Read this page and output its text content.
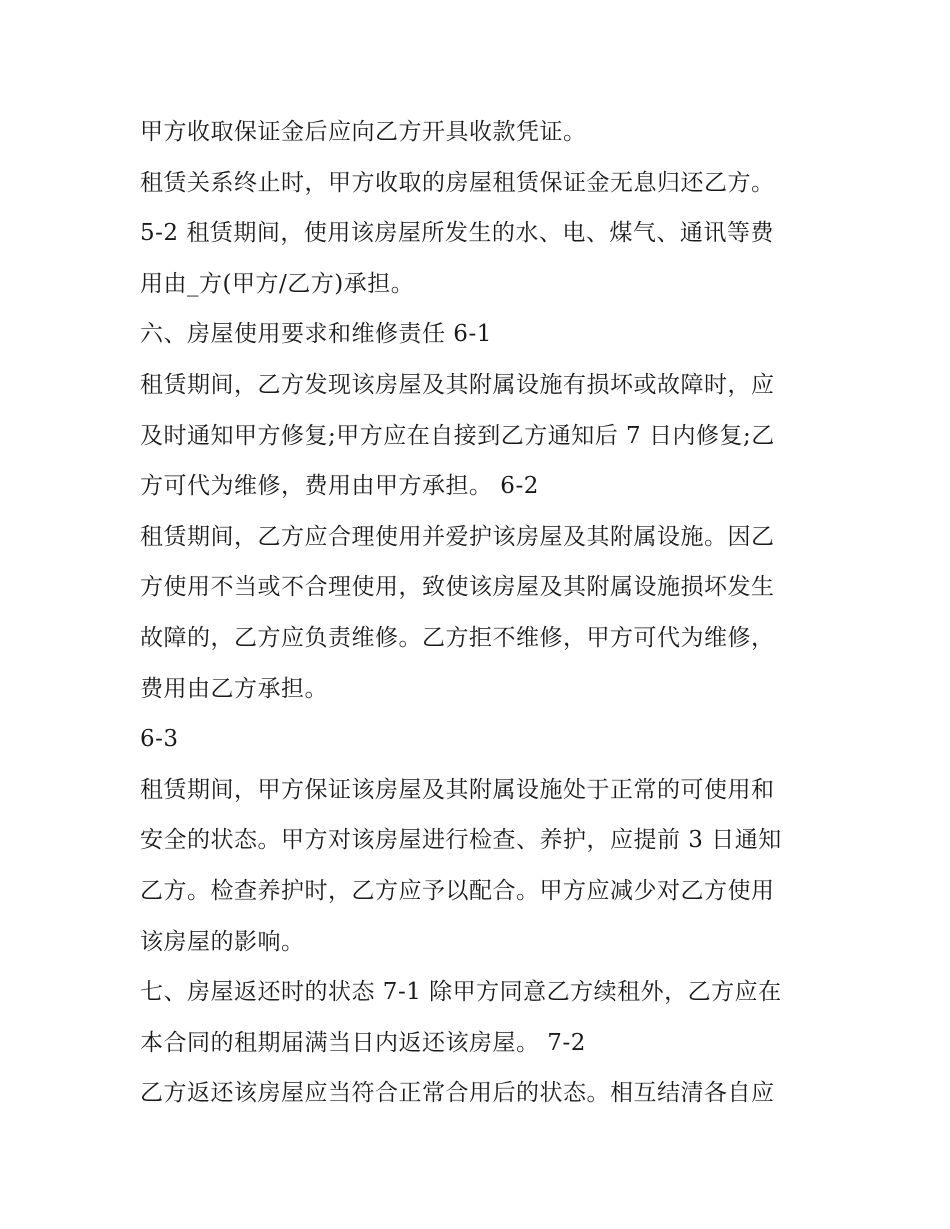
甲方收取保证金后应向乙方开具收款凭证。
租赁关系终止时，甲方收取的房屋租赁保证金无息归还乙方。
5-2 租赁期间，使用该房屋所发生的水、电、煤气、通讯等费
用由_方(甲方/乙方)承担。
六、房屋使用要求和维修责任 6-1
租赁期间，乙方发现该房屋及其附属设施有损坏或故障时，应
及时通知甲方修复;甲方应在自接到乙方通知后 7 日内修复;乙
方可代为维修，费用由甲方承担。 6-2
租赁期间，乙方应合理使用并爱护该房屋及其附属设施。因乙
方使用不当或不合理使用，致使该房屋及其附属设施损坏发生
故障的，乙方应负责维修。乙方拒不维修，甲方可代为维修，
费用由乙方承担。
6-3
租赁期间，甲方保证该房屋及其附属设施处于正常的可使用和
安全的状态。甲方对该房屋进行检查、养护，应提前 3 日通知
乙方。检查养护时，乙方应予以配合。甲方应减少对乙方使用
该房屋的影响。
七、房屋返还时的状态 7-1 除甲方同意乙方续租外，乙方应在
本合同的租期届满当日内返还该房屋。 7-2
乙方返还该房屋应当符合正常合用后的状态。相互结清各自应
